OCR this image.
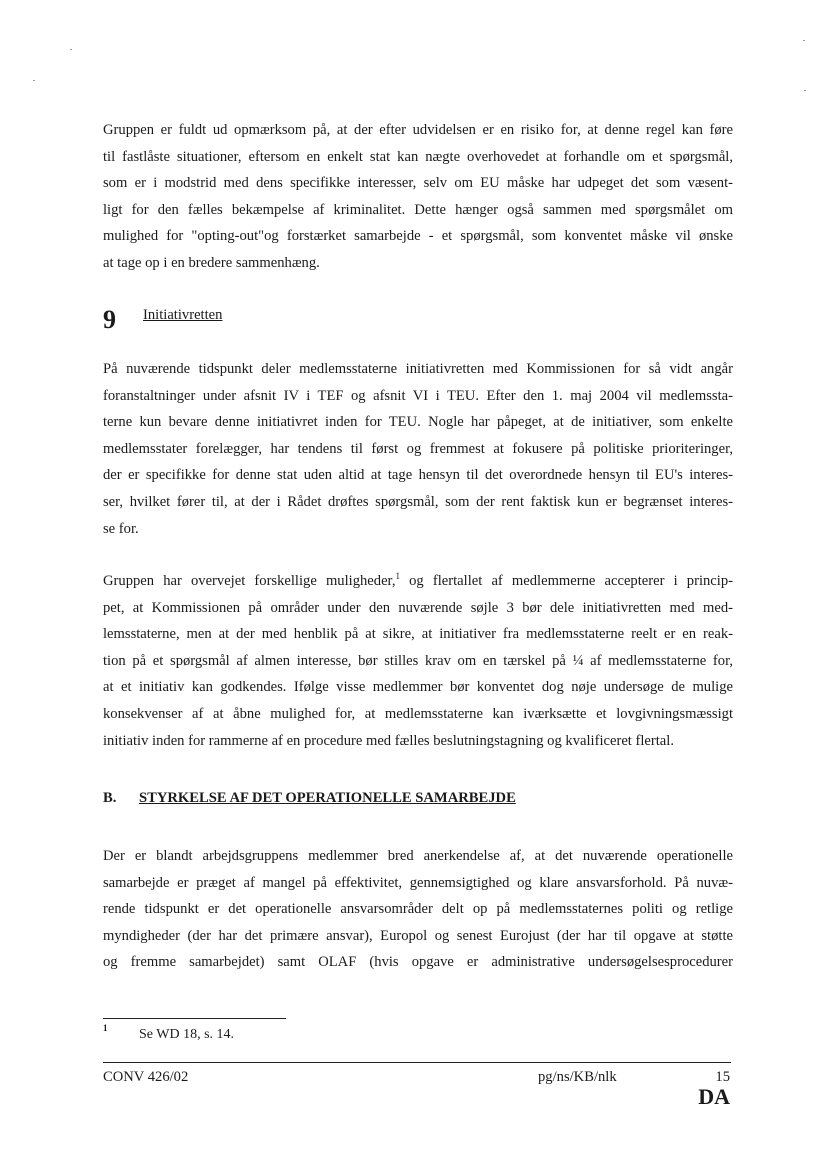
Gruppen er fuldt ud opmærksom på, at der efter udvidelsen er en risiko for, at denne regel kan føre
til fastlåste situationer, eftersom en enkelt stat kan nægte overhovedet at forhandle om et spørgsmål,
som er i modstrid med dens specifikke interesser, selv om EU måske har udpeget det som væsent-
ligt for den fælles bekæmpelse af kriminalitet. Dette hænger også sammen med spørgsmålet om
mulighed for "opting-out"og forstærket samarbejde - et spørgsmål, som konventet måske vil ønske
at tage op i en bredere sammenhæng.
9 Initiativretten
På nuværende tidspunkt deler medlemsstaterne initiativretten med Kommissionen for så vidt angår
foranstaltninger under afsnit IV i TEF og afsnit VI i TEU. Efter den 1. maj 2004 vil medlemssta-
terne kun bevare denne initiativret inden for TEU. Nogle har påpeget, at de initiativer, som enkelte
medlemsstater forelægger, har tendens til først og fremmest at fokusere på politiske prioriteringer,
der er specifikke for denne stat uden altid at tage hensyn til det overordnede hensyn til EU's interes-
ser, hvilket fører til, at der i Rådet drøftes spørgsmål, som der rent faktisk kun er begrænset interes-
se for.
Gruppen har overvejet forskellige muligheder,$^1$ og flertallet af medlemmerne accepterer i princip-
pet, at Kommissionen på områder under den nuværende søjle 3 bør dele initiativretten med med-
lemsstaterne, men at der med henblik på at sikre, at initiativer fra medlemsstaterne reelt er en reak-
tion på et spørgsmål af almen interesse, bør stilles krav om en tærskel på ¼ af medlemsstaterne for,
at et initiativ kan godkendes. Ifølge visse medlemmer bør konventet dog nøje undersøge de mulige
konsekvenser af at åbne mulighed for, at medlemsstaterne kan iværksætte et lovgivningsmæssigt
initiativ inden for rammerne af en procedure med fælles beslutningstagning og kvalificeret flertal.
B. STYRKELSE AF DET OPERATIONELLE SAMARBEJDE
Der er blandt arbejdsgruppens medlemmer bred anerkendelse af, at det nuværende operationelle
samarbejde er præget af mangel på effektivitet, gennemsigtighed og klare ansvarsforhold. På nuvæ-
rende tidspunkt er det operationelle ansvarsområder delt op på medlemsstaternes politi og retlige
myndigheder (der har det primære ansvar), Europol og senest Eurojust (der har til opgave at støtte
og fremme samarbejdet) samt OLAF (hvis opgave er administrative undersøgelsesprocedurer
1 Se WD 18, s. 14.
CONV 426/02	pg/ns/KB/nlk	15
DA
